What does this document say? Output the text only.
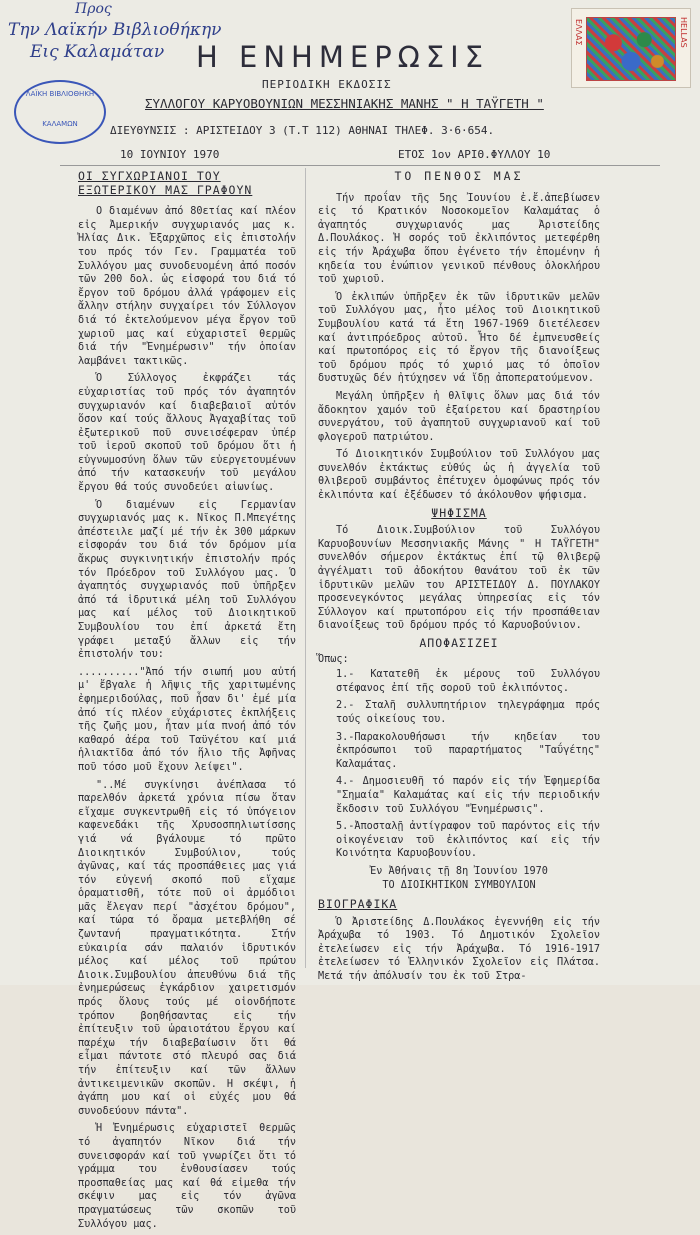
Προς
Την Λαϊκήν Βιβλιοθήκην
Εις Καλαμάταν
ΛΑΪΚΗ ΒΙΒΛΙΟΘΗΚΗ
ΚΑΛΑΜΩΝ
ΕΛΛΑΣ	HELLAS
Η ΕΝΗΜΕΡΩΣΙΣ
ΠΕΡΙΟΔΙΚΗ ΕΚΔΟΣΙΣ
ΣΥΛΛΟΓΟΥ ΚΑΡΥΟΒΟΥΝΙΩΝ ΜΕΣΣΗΝΙΑΚΗΣ ΜΑΝΗΣ " Η ΤΑΫΓΕΤΗ "
ΔΙΕΥΘΥΝΣΙΣ : ΑΡΙΣΤΕΙΔΟΥ 3 (Τ.Τ 112) ΑΘΗΝΑΙ ΤΗΛΕΦ. 3·6·654.
10 ΙΟΥΝΙΟΥ 1970	ΕΤΟΣ 1ον ΑΡΙΘ.ΦΥΛΛΟΥ 10
ΟΙ ΣΥΓΧΩΡΙΑΝΟΙ ΤΟΥ ΕΞΩΤΕΡΙΚΟΥ ΜΑΣ ΓΡΑΦΟΥΝ

Ο διαμένων ἀπό 80ετίας καί πλέον εἰς Ἀμερικήν συγχωριανός μας κ. Ἠλίας Δικ. Ἐξαρχῶπος εἰς ἐπιστολήν του πρός τόν Γεν. Γραμματέα τοῦ Συλλόγου μας συνοδευομένη ἀπό ποσόν τῶν 200 δολ. ὡς εἰσφορά του διά τό ἔργον τοῦ δρόμου ἀλλά γράφομεν εἰς ἄλλην στήλην συγχαίρει τόν Σύλλογον διά τό ἐκτελούμενον μέγα ἔργον τοῦ χωριοῦ μας καί εὐχαριστεῖ θερμῶς διά τήν "Ἐνημέρωσιν" τήν ὁποίαν λαμβάνει τακτικῶς.

Ὁ Σύλλογος ἐκφράζει τάς εὐχαριστίας τοῦ πρός τόν ἀγαπητόν συγχωριανόν καί διαβεβαιοῖ αὐτόν ὅσον καί τούς ἄλλους Ἀγαχαβίτας τοῦ ἐξωτερικοῦ ποῦ συνεισέφεραν ὑπέρ τοῦ ἱεροῦ σκοποῦ τοῦ δρόμου ὅτι ἡ εὐγνωμοσύνη ὅλων τῶν εὐεργετουμένων ἀπό τήν κατασκευήν τοῦ μεγάλου ἔργου θά τούς συνοδεύει αἰωνίως.

Ὁ διαμένων εἰς Γερμανίαν συγχωριανός μας κ. Νῖκος Π.Μπεγέτης ἀπέστειλε μαζί μέ τήν ἐκ 300 μάρκων εἰσφοράν του διά τόν δρόμον μία ἄκρως συγκινητικήν ἐπιστολήν πρός τόν Πρόεδρον τοῦ Συλλόγου μας. Ὁ ἀγαπητός συγχωριανός ποῦ ὑπῆρξεν ἀπό τά ἱδρυτικά μέλη τοῦ Συλλόγου μας καί μέλος τοῦ Διοικητικοῦ Συμβουλίου του ἐπί ἀρκετά ἔτη γράφει μεταξύ ἄλλων εἰς τήν ἐπιστολήν του:

.........."Ἀπό τήν σιωπή μου αὐτή μ' ἔβγαλε ἡ λῆψις τῆς χαριτωμένης ἐφημεριδούλας, ποῦ ἦσαν δι' ἐμέ μία ἀπό τίς πλέον εὐχάριστες ἐκπλήξεις τῆς ζωῆς μου, ἦταν μία πνοή ἀπό τόν καθαρό ἀέρα τοῦ Ταϋγέτου καί μιά ἡλιακτῖδα ἀπό τόν ἥλιο τῆς Ἀφῆνας ποῦ τόσο μοῦ ἔχουν λείψει".

"..Μέ συγκίνησι ἀνέπλασα τό παρελθόν ἀρκετά χρόνια πίσω ὅταν εἴχαμε συγκεντρωθῆ εἰς τό ὑπόγειον καφενεδάκι τῆς Χρυσοσπηλιωτίσσης γιά νά βγάλουμε τό πρῶτο Διοικητικόν Συμβούλιον, τούς ἀγῶνας, καί τάς προσπάθειες μας γιά τόν εὐγενή σκοπό ποῦ εἴχαμε ὁραματισθῆ, τότε ποῦ οἱ ἀρμόδιοι μᾶς ἔλεγαν περί "ἀσχέτου δρόμου", καί τώρα τό ὄραμα μετεβλήθη σέ ζωντανή πραγματικότητα. Στήν εὐκαιρία σάν παλαιόν ἱδρυτικόν μέλος καί μέλος τοῦ πρώτου Διοικ.Συμβουλίου ἀπευθύνω διά τῆς ἐνημερώσεως ἐγκάρδιον χαιρετισμόν πρός ὅλους τούς μέ οἱονδήποτε τρόπον βοηθήσαντας εἰς τήν ἐπίτευξιν τοῦ ὡραιοτάτου ἔργου καί παρέχω τήν διαβεβαίωσιν ὅτι θά εἶμαι πάντοτε στό πλευρό σας διά τήν ἐπίτευξιν καί τῶν ἄλλων ἀντικειμενικῶν σκοπῶν. Η σκέψι, ἡ ἀγάπη μου καί οἱ εὐχές μου θά συνοδεύουν πάντα".

Ἡ Ἐνημέρωσις εὐχαριστεῖ θερμῶς τό ἀγαπητόν Νῖκον διά τήν συνεισφοράν καί τοῦ γνωρίζει ὅτι τό γράμμα του ἐνθουσίασεν τούς προσπαθείας μας καί θά εἰμεθα τήν σκέψιν μας εἰς τόν ἀγῶνα πραγματώσεως τῶν σκοπῶν τοῦ Συλλόγου μας.

ΤΟ ΠΕΝΘΟΣ ΜΑΣ

Τήν προΐαν τῆς 5ης Ἰουνίου ἐ.ἔ.ἀπεβίωσεν εἰς τό Κρατικόν Νοσοκομεῖον Καλαμάτας ὁ ἀγαπητός συγχωριανός μας Ἀριστείδης Δ.Πουλάκος. Ἡ σορός τοῦ ἐκλιπόντος μετεφέρθη εἰς τήν Ἀράχωβα ὅπου ἐγένετο τήν ἐπομένην ἡ κηδεία του ἐνώπιον γενικοῦ πένθους ὁλοκλήρου τοῦ χωριοῦ.

Ὁ ἐκλιπών ὑπῆρξεν ἐκ τῶν ἱδρυτικῶν μελῶν τοῦ Συλλόγου μας, ἦτο μέλος τοῦ Διοικητικοῦ Συμβουλίου κατά τά ἔτη 1967-1969 διετέλεσεν καί ἀντιπρόεδρος αὐτοῦ. Ἦτο δέ ἐμπνευσθείς καί πρωτοπόρος εἰς τό ἔργον τῆς διανοίξεως τοῦ δρόμου πρός τό χωριό μας τό ὁποῖον δυστυχῶς δέν ἠτύχησεν νά ἴδῃ ἀποπερατούμενον.

Μεγάλη ὑπῆρξεν ἡ θλῖψις ὅλων μας διά τόν ἄδοκητον χαμόν τοῦ ἐξαίρετου καί δραστηρίου συνεργάτου, τοῦ ἀγαπητοῦ συγχωριανοῦ καί τοῦ φλογεροῦ πατριώτου.

Τό Διοικητικόν Συμβούλιον τοῦ Συλλόγου μας συνελθόν ἐκτάκτως εὐθύς ὡς ἡ ἀγγελία τοῦ θλιβεροῦ συμβάντος ἐπέτυχεν ὁμοφώνως πρός τόν ἐκλιπόντα καί ἐξέδωσεν τό ἀκόλουθον ψήφισμα.

ΨΗΦΙΣΜΑ

Τό Διοικ.Συμβούλιον τοῦ Συλλόγου Καρυοβουνίων Μεσσηνιακῆς Μάνης " Η ΤΑΫΓΕΤΗ" συνελθόν σήμερον ἐκτάκτως ἐπί τῷ θλιβερῷ ἀγγέλματι τοῦ ἀδοκήτου θανάτου τοῦ ἐκ τῶν ἱδρυτικῶν μελῶν του ΑΡΙΣΤΕΙΔΟΥ Δ. ΠΟΥΛΑΚΟΥ προσενεγκόντος μεγάλας ὑπηρεσίας εἰς τόν Σύλλογον καί πρωτοπόρου εἰς τήν προσπάθειαν διανοίξεως τοῦ δρόμου πρός τό Καρυοβούνιον.

ΑΠΟΦΑΣΙΖΕΙ

Ὅπως:

1.- Κατατεθῆ ἐκ μέρους τοῦ Συλλόγου στέφανος ἐπί τῆς σοροῦ τοῦ ἐκλιπόντος.

2.- Σταλῆ συλλυπητήριον τηλεγράφημα πρός τούς οἰκείους του.

3.-Παρακολουθήσωσι τήν κηδείαν του ἐκπρόσωποι τοῦ παραρτήματος "Ταΰγέτης" Καλαμάτας.

4.- Δημοσιευθῆ τό παρόν εἰς τήν Ἐφημερίδα "Σημαία" Καλαμάτας καί εἰς τήν περιοδικήν ἔκδοσιν τοῦ Συλλόγου "Ἐνημέρωσις".

5.-Ἀποσταλῇ ἀντίγραφον τοῦ παρόντος εἰς τήν οἰκογένειαν τοῦ ἐκλιπόντος καί εἰς τήν Κοινότητα Καρυοβουνίου.

Ἐν Ἀθήναις τῇ 8η Ἰουνίου 1970

ΤΟ ΔΙΟΙΚΗΤΙΚΟΝ ΣΥΜΒΟΥΛΙΟΝ

ΒΙΟΓΡΑΦΙΚΑ

Ὁ Ἀριστείδης Δ.Πουλάκος ἐγεννήθη εἰς τήν Ἀράχωβα τό 1903. Τό Δημοτικόν Σχολεῖον ἐτελείωσεν εἰς τήν Ἀράχωβα. Τό 1916-1917 ἐτελείωσεν τό Ἑλληνικόν Σχολεῖον εἰς Πλάτσα. Μετά τήν ἀπόλυσίν του ἐκ τοῦ Στρα-
